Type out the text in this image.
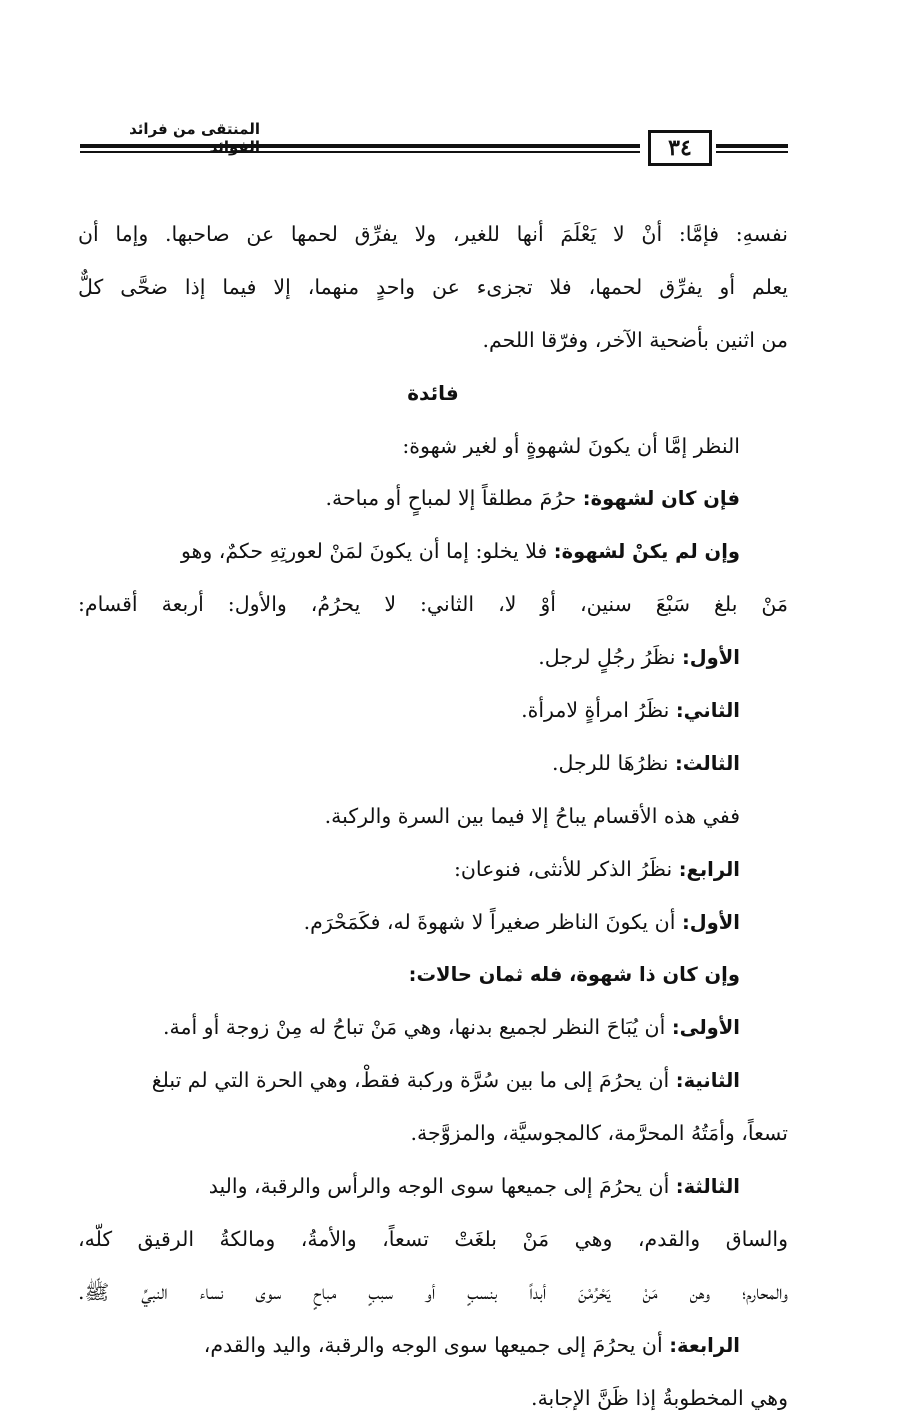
المنتقى من فرائد
٣٤
نفسهِ: فإمَّا: أنْ لا يَعْلَمَ أنها للغير، ولا يفرِّق لحمها عن صاحبها. وإما أن
يعلم أو يفرِّق لحمها، فلا تجزىء عن واحدٍ منهما، إلا فيما إذا ضحَّى كلٌّ
من اثنين بأضحية الآخر، وفرّقا اللحم.
فائدة
النظر إمَّا أن يكونَ لشهوةٍ أو لغير شهوة:
فإن كان لشهوة: حرُمَ مطلقاً إلا لمباحٍ أو مباحة.
وإن لم يكنْ لشهوة: فلا يخلو: إما أن يكونَ لمَنْ لعورتِهِ حكمٌ، وهو
مَنْ بلغ سَبْعَ سنين، أوْ لا، الثاني: لا يحرُمُ، والأول: أربعة أقسام:
الأول: نظَرُ رجُلٍ لرجل.
الثاني: نظَرُ امرأةٍ لامرأة.
الثالث: نظرُهَا للرجل.
ففي هذه الأقسام يباحُ إلا فيما بين السرة والركبة.
الرابع: نظَرُ الذكر للأنثى، فنوعان:
الأول: أن يكونَ الناظر صغيراً لا شهوةَ له، فكَمَحْرَم.
وإن كان ذا شهوة، فله ثمان حالات:
الأولى: أن يُبَاحَ النظر لجميع بدنها، وهي مَنْ تباحُ له مِنْ زوجة أو أمة.
الثانية: أن يحرُمَ إلى ما بين سُرَّة وركبة فقطْ، وهي الحرة التي لم تبلغ
تسعاً، وأمَتُهُ المحرَّمة، كالمجوسيَّة، والمزوَّجة.
الثالثة: أن يحرُمَ إلى جميعها سوى الوجه والرأس والرقبة، واليد
والساق والقدم، وهي مَنْ بلغَتْ تسعاً، والأمةُ، ومالكةُ الرقيق كلّه،
والمحارم؛ وهن مَنْ يَحْرُمْنَ أبداً بنسبٍ أو سببٍ مباحٍ سوى نساء النبيِّ ﷺ.
الرابعة: أن يحرُمَ إلى جميعها سوى الوجه والرقبة، واليد والقدم،
وهي المخطوبةُ إذا ظَنَّ الإجابة.
